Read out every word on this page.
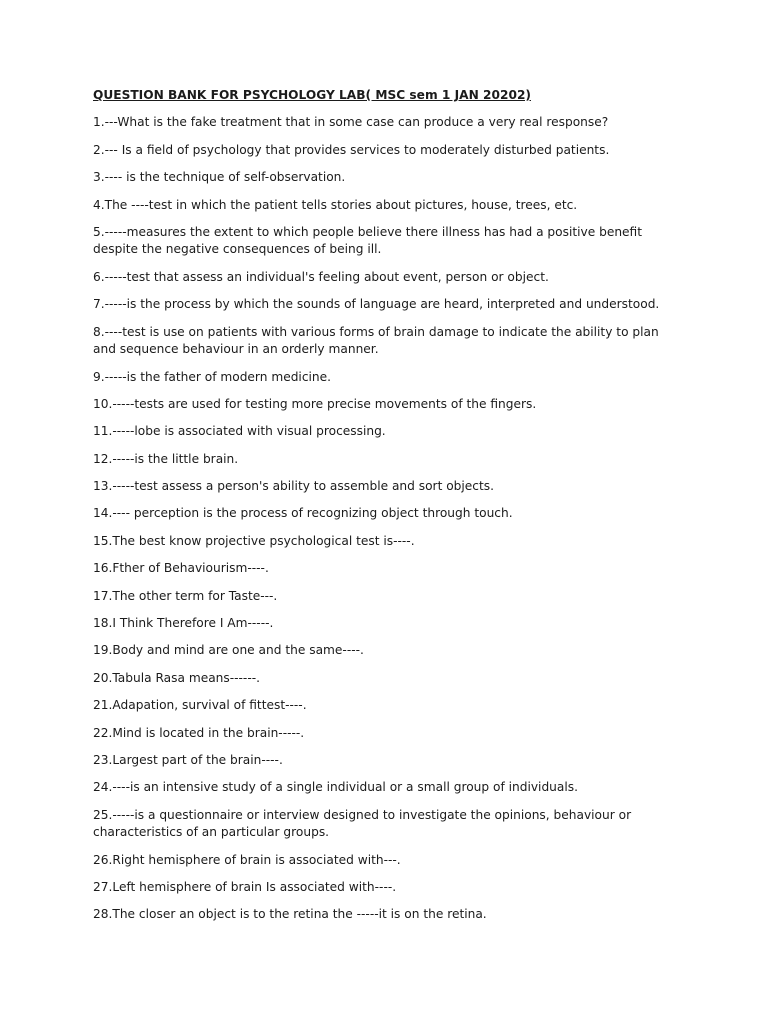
QUESTION BANK FOR PSYCHOLOGY LAB( MSC sem 1 JAN 20202)

1.---What is the fake treatment that in some case can produce a very real response?

2.--- Is a field of psychology that provides services to moderately disturbed patients.

3.---- is the technique of self-observation.

4.The ----test in which the patient tells stories about pictures, house, trees, etc.

5.-----measures the extent to which people believe there illness has had a positive benefit despite the negative consequences of being ill.

6.-----test that assess an individual's feeling about event, person or object.

7.-----is the process by which the sounds of language are heard, interpreted and understood.

8.----test is use on patients with various forms of brain damage to indicate the ability to plan and sequence behaviour in an orderly manner.

9.-----is the father of modern medicine.

10.-----tests are used for testing more precise movements of the fingers.

11.-----lobe is associated with visual processing.

12.-----is the little brain.

13.-----test assess a person's ability to assemble and sort objects.

14.---- perception is the process of recognizing object through touch.

15.The best know projective psychological test is----.

16.Fther of Behaviourism----.

17.The other term for Taste---.

18.I Think Therefore I Am-----.

19.Body and mind are one and the same----.

20.Tabula Rasa means------.

21.Adapation, survival of fittest----.

22.Mind is located in the brain-----.

23.Largest part of the brain----.

24.----is an intensive study of a single individual or a small group of individuals.

25.-----is a questionnaire or interview designed to investigate the opinions, behaviour or characteristics of an particular groups.

26.Right hemisphere of brain is associated with---.

27.Left hemisphere of brain Is associated with----.

28.The closer an object is to the retina the -----it is on the retina.
